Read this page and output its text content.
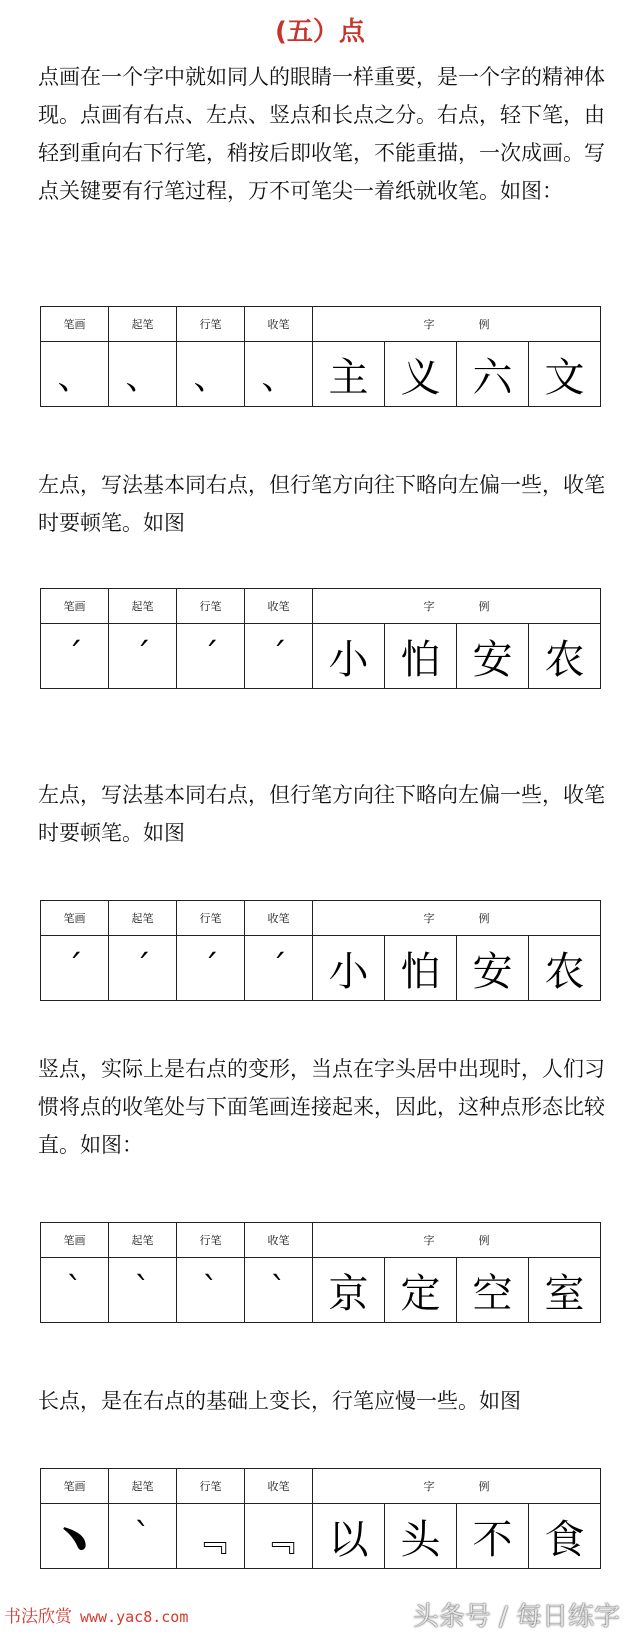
(五）点

点画在一个字中就如同人的眼睛一样重要，是一个字的精神体现。点画有右点、左点、竖点和长点之分。右点，轻下笔，由轻到重向右下行笔，稍按后即收笔，不能重描，一次成画。写点关键要有行笔过程，万不可笔尖一着纸就收笔。如图：

笔画	起笔	行笔	收笔	字例			
、	、	、	、	主	义	六	文

左点，写法基本同右点，但行笔方向往下略向左偏一些，收笔时要顿笔。如图

笔画	起笔	行笔	收笔	字例			
ˊ	ˊ	ˊ	ˊ	小	怕	安	农

左点，写法基本同右点，但行笔方向往下略向左偏一些，收笔时要顿笔。如图

笔画	起笔	行笔	收笔	字例			
ˊ	ˊ	ˊ	ˊ	小	怕	安	农

竖点，实际上是右点的变形，当点在字头居中出现时，人们习惯将点的收笔处与下面笔画连接起来，因此，这种点形态比较直。如图：

笔画	起笔	行笔	收笔	字例			
ˋ	ˋ	ˋ	ˋ	京	定	空	室

长点，是在右点的基础上变长，行笔应慢一些。如图

笔画	起笔	行笔	收笔	字例			
﹅	ˋ	﹃	﹃	以	头	不	食
书法欣赏 www.yac8.com	头条号 / 每日练字
